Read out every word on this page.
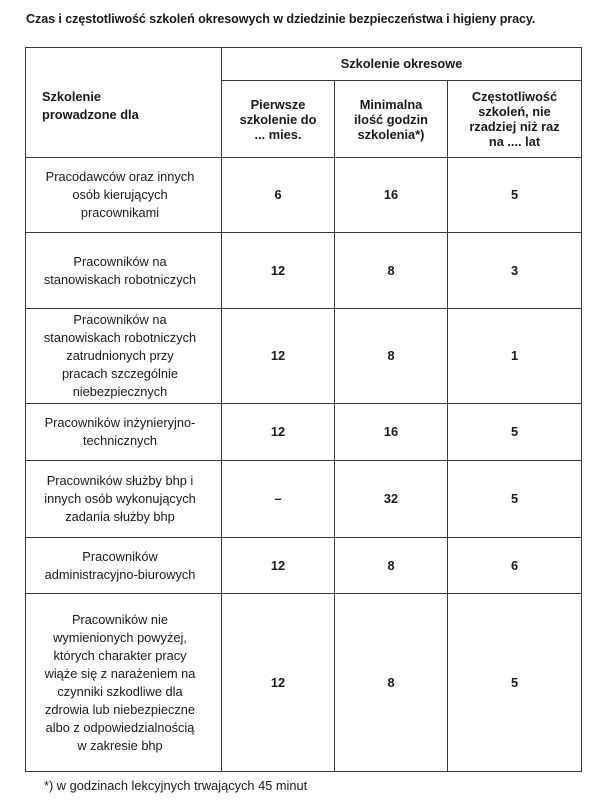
Czas i częstotliwość szkoleń okresowych w dziedzinie bezpieczeństwa i higieny pracy.
Szkolenie prowadzone dla	Szkolenie okresowe		
	Pierwsze szkolenie do ... mies.	Minimalna ilość godzin szkolenia*)	Częstotliwość szkoleń, nie rzadziej niż raz na .... lat

Pracodawców oraz innych osób kierujących pracownikami	6	16	5

Pracowników na stanowiskach robotniczych	12	8	3

Pracowników na stanowiskach robotniczych zatrudnionych przy pracach szczególnie niebezpiecznych	12	8	1

Pracowników inżynieryjno-technicznych	12	16	5

Pracowników służby bhp i innych osób wykonujących zadania służby bhp	–	32	5

Pracowników administracyjno-biurowych	12	8	6

Pracowników nie wymienionych powyżej, których charakter pracy wiąże się z narażeniem na czynniki szkodliwe dla zdrowia lub niebezpieczne albo z odpowiedzialnością w zakresie bhp	12	8	5
*) w godzinach lekcyjnych trwających 45 minut
